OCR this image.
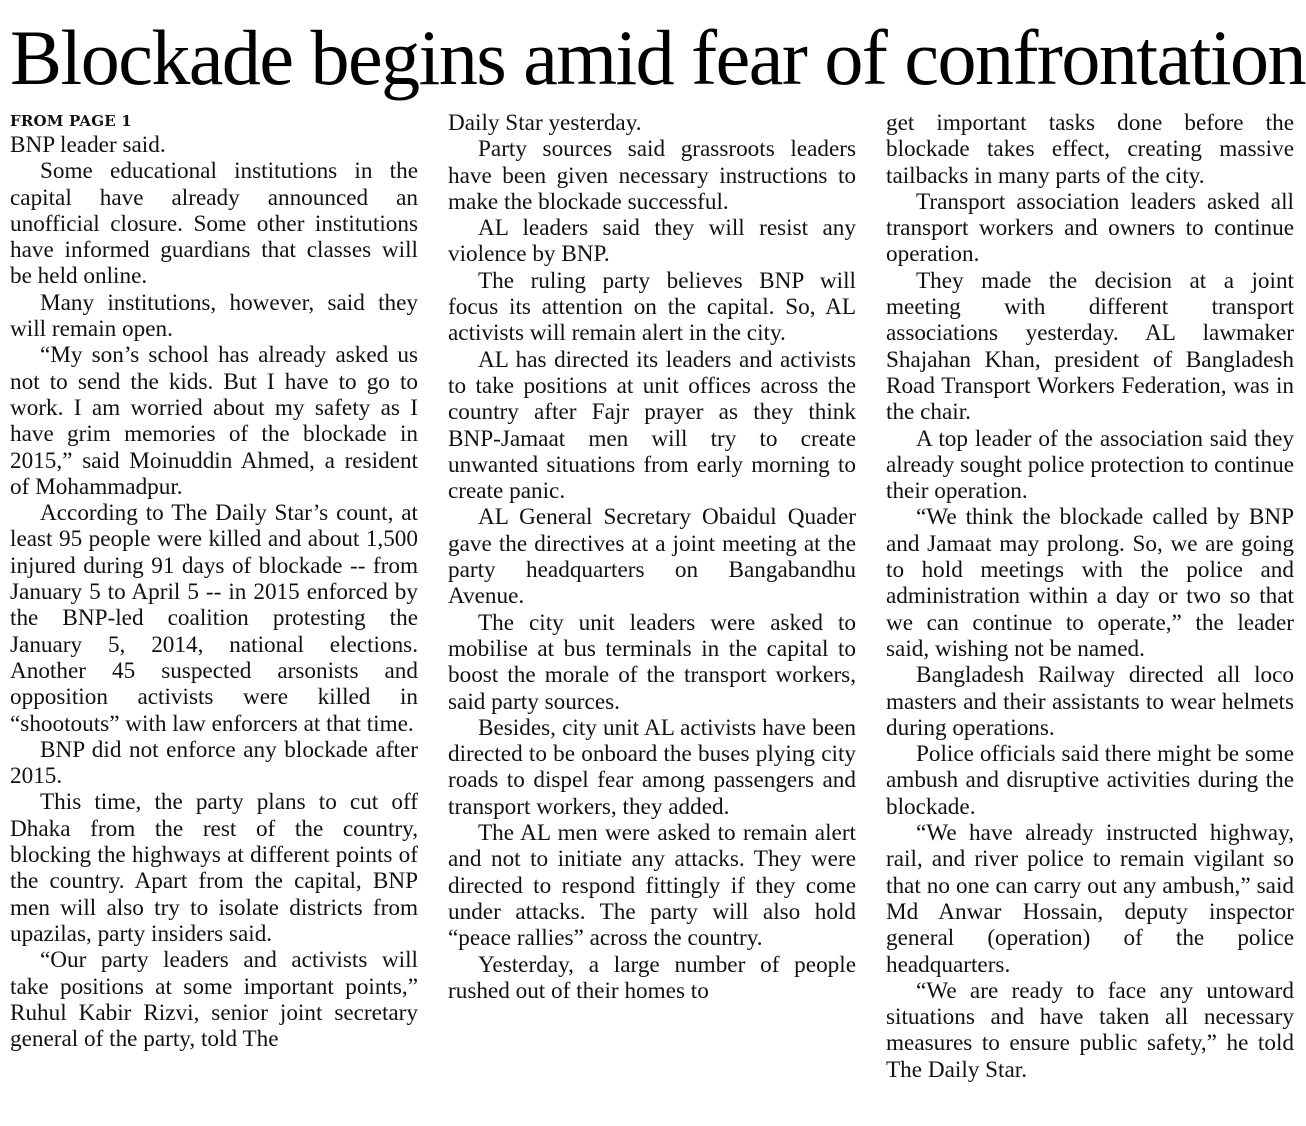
Blockade begins amid fear of confrontation
FROM PAGE 1

BNP leader said.

Some educational institutions in the capital have already announced an unofficial closure. Some other institutions have informed guardians that classes will be held online.

Many institutions, however, said they will remain open.

“My son’s school has already asked us not to send the kids. But I have to go to work. I am worried about my safety as I have grim memories of the blockade in 2015,” said Moinuddin Ahmed, a resident of Mohammadpur.

According to The Daily Star’s count, at least 95 people were killed and about 1,500 injured during 91 days of blockade -- from January 5 to April 5 -- in 2015 enforced by the BNP-led coalition protesting the January 5, 2014, national elections. Another 45 suspected arsonists and opposition activists were killed in “shootouts” with law enforcers at that time.

BNP did not enforce any blockade after 2015.

This time, the party plans to cut off Dhaka from the rest of the country, blocking the highways at different points of the country. Apart from the capital, BNP men will also try to isolate districts from upazilas, party insiders said.

“Our party leaders and activists will take positions at some important points,” Ruhul Kabir Rizvi, senior joint secretary general of the party, told The

Daily Star yesterday.

Party sources said grassroots leaders have been given necessary instructions to make the blockade successful.

AL leaders said they will resist any violence by BNP.

The ruling party believes BNP will focus its attention on the capital. So, AL activists will remain alert in the city.

AL has directed its leaders and activists to take positions at unit offices across the country after Fajr prayer as they think BNP-Jamaat men will try to create unwanted situations from early morning to create panic.

AL General Secretary Obaidul Quader gave the directives at a joint meeting at the party headquarters on Bangabandhu Avenue.

The city unit leaders were asked to mobilise at bus terminals in the capital to boost the morale of the transport workers, said party sources.

Besides, city unit AL activists have been directed to be onboard the buses plying city roads to dispel fear among passengers and transport workers, they added.

The AL men were asked to remain alert and not to initiate any attacks. They were directed to respond fittingly if they come under attacks. The party will also hold “peace rallies” across the country.

Yesterday, a large number of people rushed out of their homes to

get important tasks done before the blockade takes effect, creating massive tailbacks in many parts of the city.

Transport association leaders asked all transport workers and owners to continue operation.

They made the decision at a joint meeting with different transport associations yesterday. AL lawmaker Shajahan Khan, president of Bangladesh Road Transport Workers Federation, was in the chair.

A top leader of the association said they already sought police protection to continue their operation.

“We think the blockade called by BNP and Jamaat may prolong. So, we are going to hold meetings with the police and administration within a day or two so that we can continue to operate,” the leader said, wishing not be named.

Bangladesh Railway directed all loco masters and their assistants to wear helmets during operations.

Police officials said there might be some ambush and disruptive activities during the blockade.

“We have already instructed highway, rail, and river police to remain vigilant so that no one can carry out any ambush,” said Md Anwar Hossain, deputy inspector general (operation) of the police headquarters.

“We are ready to face any untoward situations and have taken all necessary measures to ensure public safety,” he told The Daily Star.
